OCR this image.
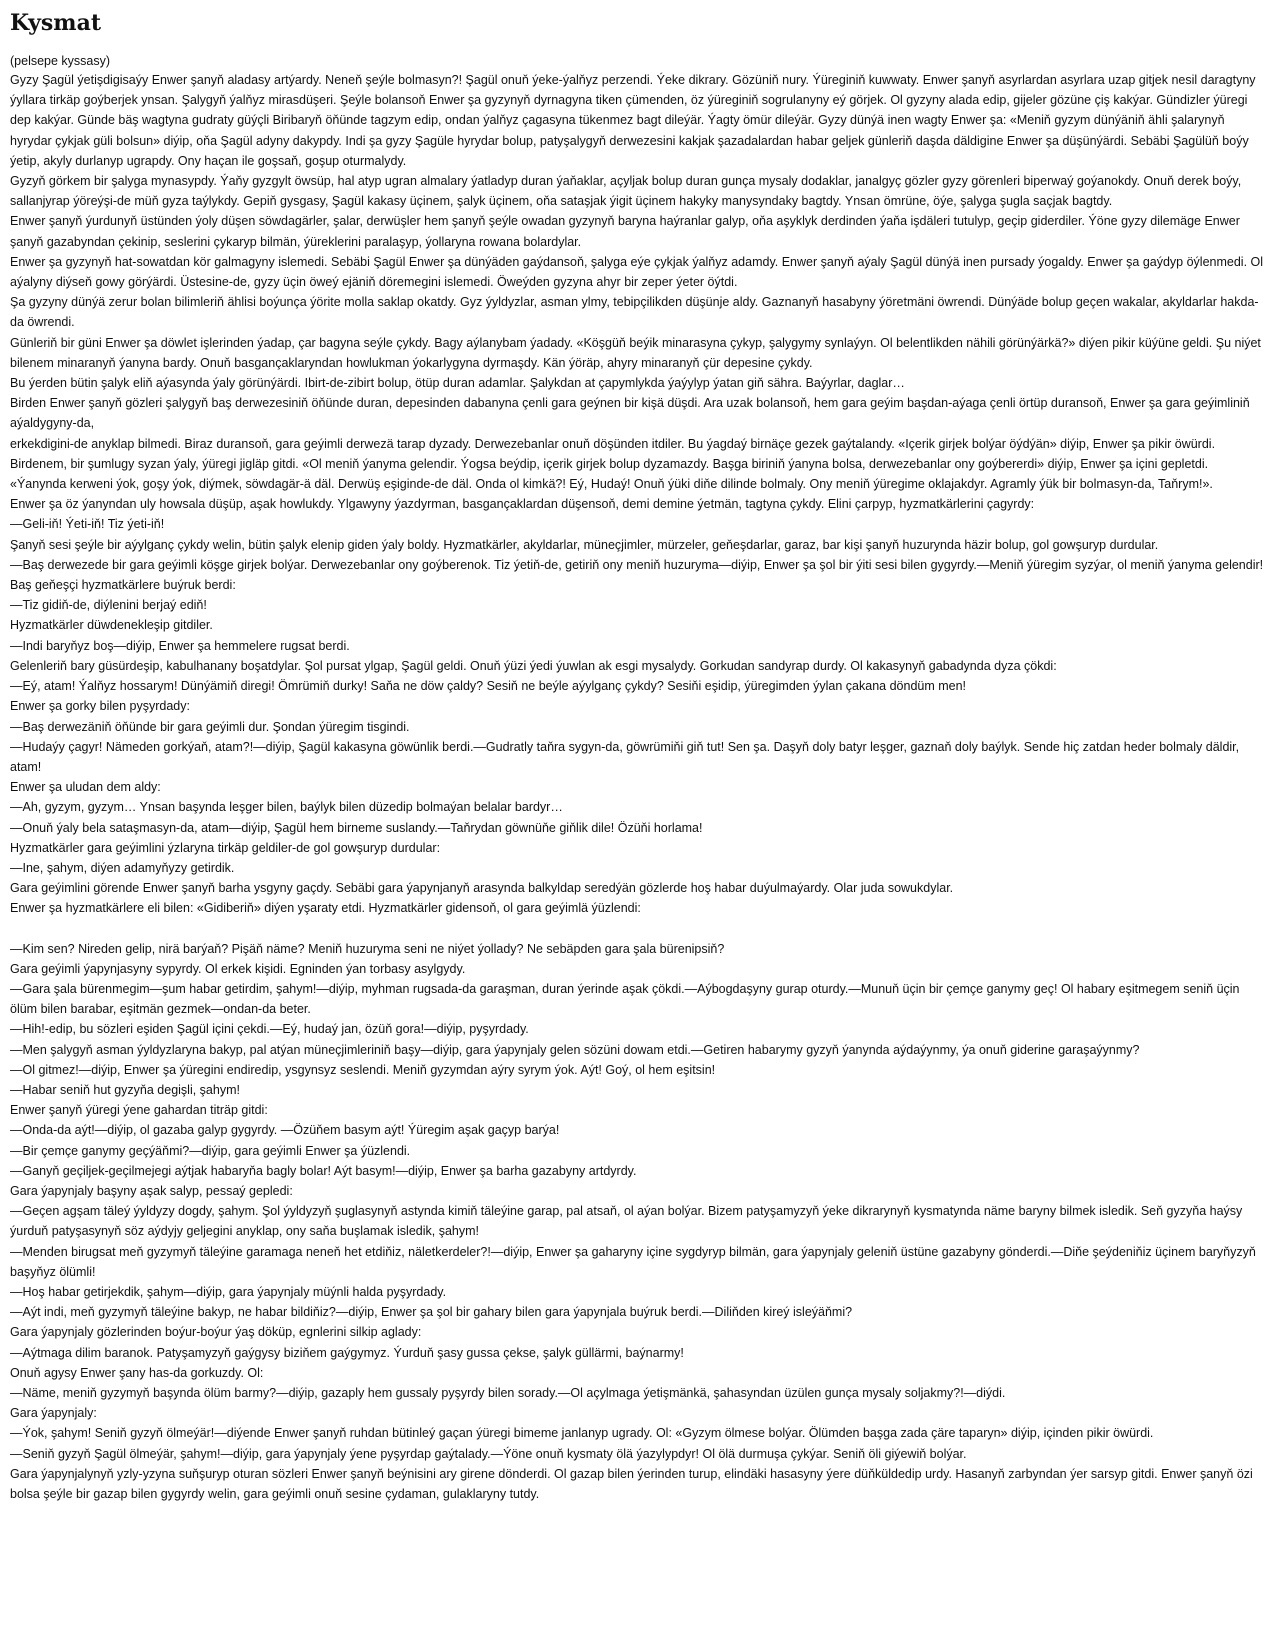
Kysmat

(pelsepe kyssasy)

Gyzy Şagül ýetişdigisaýy Enwer şanyň aladasy artýardy. Neneň şeýle bolmasyn?! Şagül onuň ýeke-ýalňyz perzendi. Ýeke dikrary. Gözüniň nury. Ýüreginiň kuwwaty. Enwer şanyň asyrlardan asyrlara uzap gitjek nesil daragtyny ýyllara tirkäp goýberjek ynsan. Şalygyň ýalňyz mirasdüşeri. Şeýle bolansoň Enwer şa gyzynyň dyrnagyna tiken çümenden, öz ýüreginiň sogrulanyny eý görjek. Ol gyzyny alada edip, gijeler gözüne çiş kakýar. Gündizler ýüregi dep kakýar. Günde bäş wagtyna gudraty güýçli Biribaryň öňünde tagzym edip, ondan ýalňyz çagasyna tükenmez bagt dileýär. Ýagty ömür dileýär. Gyzy dünýä inen wagty Enwer şa: «Meniň gyzym dünýäniň ähli şalarynyň hyrydar çykjak güli bolsun» diýip, oňa Şagül adyny dakypdy. Indi şa gyzy Şagüle hyrydar bolup, patyşalygyň derwezesini kakjak şazadalardan habar geljek günleriň daşda däldigine Enwer şa düşünýärdi. Sebäbi Şagülüň boýy ýetip, akyly durlanyp ugrapdy. Ony haçan ile goşsaň, goşup oturmalydy.

Gyzyň görkem bir şalyga mynasypdy. Ýaňy gyzgylt öwsüp, hal atyp ugran almalary ýatladyp duran ýaňaklar, açyljak bolup duran gunça mysaly dodaklar, janalgyç gözler gyzy görenleri biperwaý goýanokdy. Onuň derek boýy, sallanjyrap ýöreýşi-de müň gyza taýlykdy. Gepiň gysgasy, Şagül kakasy üçinem, şalyk üçinem, oňa sataşjak ýigit üçinem hakyky manysyndaky bagtdy. Ynsan ömrüne, öýe, şalyga şugla saçjak bagtdy.

Enwer şanyň ýurdunyň üstünden ýoly düşen söwdagärler, şalar, derwüşler hem şanyň şeýle owadan gyzynyň baryna haýranlar galyp, oňa aşyklyk derdinden ýaňa işdäleri tutulyp, geçip giderdiler. Ýöne gyzy dilemäge Enwer şanyň gazabyndan çekinip, seslerini çykaryp bilmän, ýüreklerini paralaşyp, ýollaryna rowana bolardylar.

Enwer şa gyzynyň hat-sowatdan kör galmagyny islemedi. Sebäbi Şagül Enwer şa dünýäden gaýdansoň, şalyga eýe çykjak ýalňyz adamdy. Enwer şanyň aýaly Şagül dünýä inen pursady ýogaldy. Enwer şa gaýdyp öýlenmedi. Ol aýalyny diýseň gowy görýärdi. Üstesine-de, gyzy üçin öweý ejäniň döremegini islemedi. Öweýden gyzyna ahyr bir zeper ýeter öýtdi.

Şa gyzyny dünýä zerur bolan bilimleriň ählisi boýunça ýörite molla saklap okatdy. Gyz ýyldyzlar, asman ylmy, tebipçilikden düşünje aldy. Gaznanyň hasabyny ýöretmäni öwrendi. Dünýäde bolup geçen wakalar, akyldarlar hakda-da öwrendi.

Günleriň bir güni Enwer şa döwlet işlerinden ýadap, çar bagyna seýle çykdy. Bagy aýlanybam ýadady. «Köşgüň beýik minarasyna çykyp, şalygymy synlaýyn. Ol belentlikden nähili görünýärkä?» diýen pikir küýüne geldi. Şu niýet bilenem minaranyň ýanyna bardy. Onuň basgançaklaryndan howlukman ýokarlygyna dyrmaşdy. Kän ýöräp, ahyry minaranyň çür depesine çykdy.

Bu ýerden bütin şalyk eliň aýasynda ýaly görünýärdi. Ibirt-de-zibirt bolup, ötüp duran adamlar. Şalykdan at çapymlykda ýaýylyp ýatan giň sähra. Baýyrlar, daglar…

Birden Enwer şanyň gözleri şalygyň baş derwezesiniň öňünde duran, depesinden dabanyna çenli gara geýnen bir kişä düşdi. Ara uzak bolansoň, hem gara geýim başdan-aýaga çenli örtüp duransoň, Enwer şa gara geýimliniň aýaldygyny-da,

erkekdigini-de anyklap bilmedi. Biraz duransoň, gara geýimli derwezä tarap dyzady. Derwezebanlar onuň döşünden itdiler. Bu ýagdaý birnäçe gezek gaýtalandy. «Içerik girjek bolýar öýdýän» diýip, Enwer şa pikir öwürdi. Birdenem, bir şumlugy syzan ýaly, ýüregi jigläp gitdi. «Ol meniň ýanyma gelendir. Ýogsa beýdip, içerik girjek bolup dyzamazdy. Başga biriniň ýanyna bolsa, derwezebanlar ony goýbererdi» diýip, Enwer şa içini gepletdi. «Ýanynda kerweni ýok, goşy ýok, diýmek, söwdagär-ä däl. Derwüş eşiginde-de däl. Onda ol kimkä?! Eý, Hudaý! Onuň ýüki diňe dilinde bolmaly. Ony meniň ýüregime oklajakdyr. Agramly ýük bir bolmasyn-da, Taňrym!».

Enwer şa öz ýanyndan uly howsala düşüp, aşak howlukdy. Ylgawyny ýazdyrman, basgançaklardan düşensoň, demi demine ýetmän, tagtyna çykdy. Elini çarpyp, hyzmatkärlerini çagyrdy:

—Geli-iň! Ýeti-iň! Tiz ýeti-iň!

Şanyň sesi şeýle bir aýylganç çykdy welin, bütin şalyk elenip giden ýaly boldy. Hyzmatkärler, akyldarlar, müneçjimler, mürzeler, geňeşdarlar, garaz, bar kişi şanyň huzurynda häzir bolup, gol gowşuryp durdular.

—Baş derwezede bir gara geýimli köşge girjek bolýar. Derwezebanlar ony goýberenok. Tiz ýetiň-de, getiriň ony meniň huzuryma—diýip, Enwer şa şol bir ýiti sesi bilen gygyrdy.—Meniň ýüregim syzýar, ol meniň ýanyma gelendir!

Baş geňeşçi hyzmatkärlere buýruk berdi:

—Tiz gidiň-de, diýlenini berjaý ediň!

Hyzmatkärler düwdenekleşip gitdiler.

—Indi baryňyz boş—diýip, Enwer şa hemmelere rugsat berdi.

Gelenleriň bary güsürdeşip, kabulhanany boşatdylar. Şol pursat ylgap, Şagül geldi. Onuň ýüzi ýedi ýuwlan ak esgi mysalydy. Gorkudan sandyrap durdy. Ol kakasynyň gabadynda dyza çökdi:

—Eý, atam! Ýalňyz hossarym! Dünýämiň diregi! Ömrümiň durky! Saňa ne döw çaldy? Sesiň ne beýle aýylganç çykdy? Sesiňi eşidip, ýüregimden ýylan çakana döndüm men!

Enwer şa gorky bilen pyşyrdady:

—Baş derwezäniň öňünde bir gara geýimli dur. Şondan ýüregim tisgindi.

—Hudaýy çagyr! Nämeden gorkýaň, atam?!—diýip, Şagül kakasyna göwünlik berdi.—Gudratly taňra sygyn-da, göwrümiňi giň tut! Sen şa. Daşyň doly batyr leşger, gaznaň doly baýlyk. Sende hiç zatdan heder bolmaly däldir, atam!

Enwer şa uludan dem aldy:

—Ah, gyzym, gyzym… Ynsan başynda leşger bilen, baýlyk bilen düzedip bolmaýan belalar bardyr…

—Onuň ýaly bela sataşmasyn-da, atam—diýip, Şagül hem birneme suslandy.—Taňrydan göwnüňe giňlik dile! Özüňi horlama!

Hyzmatkärler gara geýimlini ýzlaryna tirkäp geldiler-de gol gowşuryp durdular:

—Ine, şahym, diýen adamyňyzy getirdik.

Gara geýimlini görende Enwer şanyň barha ysgyny gaçdy. Sebäbi gara ýapynjanyň arasynda balkyldap seredýän gözlerde hoş habar duýulmaýardy. Olar juda sowukdylar.

Enwer şa hyzmatkärlere eli bilen: «Gidiberiň» diýen yşaraty etdi. Hyzmatkärler gidensoň, ol gara geýimlä ýüzlendi:

—Kim sen? Nireden gelip, nirä barýaň? Pişäň näme? Meniň huzuryma seni ne niýet ýollady? Ne sebäpden gara şala bürenipsiň?

Gara geýimli ýapynjasyny sypyrdy. Ol erkek kişidi. Egninden ýan torbasy asylgydy.

—Gara şala bürenmegim—şum habar getirdim, şahym!—diýip, myhman rugsada-da garaşman, duran ýerinde aşak çökdi.—Aýbogdaşyny gurap oturdy.—Munuň üçin bir çemçe ganymy geç! Ol habary eşitmegem seniň üçin ölüm bilen barabar, eşitmän gezmek—ondan-da beter.

—Hih!-edip, bu sözleri eşiden Şagül içini çekdi.—Eý, hudaý jan, özüň gora!—diýip, pyşyrdady.

—Men şalygyň asman ýyldyzlaryna bakyp, pal atýan müneçjimleriniň başy—diýip, gara ýapynjaly gelen sözüni dowam etdi.—Getiren habarymy gyzyň ýanynda aýdaýynmy, ýa onuň giderine garaşaýynmy?

—Ol gitmez!—diýip, Enwer şa ýüregini endiredip, ysgynsyz seslendi. Meniň gyzymdan aýry syrym ýok. Aýt! Goý, ol hem eşitsin!

—Habar seniň hut gyzyňa degişli, şahym!

Enwer şanyň ýüregi ýene gahardan titräp gitdi:

—Onda-da aýt!—diýip, ol gazaba galyp gygyrdy. —Özüňem basym aýt! Ýüregim aşak gaçyp barýa!

—Bir çemçe ganymy geçýäňmi?—diýip, gara geýimli Enwer şa ýüzlendi.

—Ganyň geçiljek-geçilmejegi aýtjak habaryňa bagly bolar! Aýt basym!—diýip, Enwer şa barha gazabyny artdyrdy.

Gara ýapynjaly başyny aşak salyp, pessaý gepledi:

—Geçen agşam täleý ýyldyzy dogdy, şahym. Şol ýyldyzyň şuglasynyň astynda kimiň täleýine garap, pal atsaň, ol aýan bolýar. Bizem patyşamyzyň ýeke dikrarynyň kysmatynda näme baryny bilmek isledik. Seň gyzyňa haýsy ýurduň patyşasynyň söz aýdyjy geljegini anyklap, ony saňa buşlamak isledik, şahym!

—Menden birugsat meň gyzymyň täleýine garamaga neneň het etdiňiz, näletkerdeler?!—diýip, Enwer şa gaharyny içine sygdyryp bilmän, gara ýapynjaly geleniň üstüne gazabyny gönderdi.—Diňe şeýdeniňiz üçinem baryňyzyň başyňyz ölümli!

—Hoş habar getirjekdik, şahym—diýip, gara ýapynjaly müýnli halda pyşyrdady.

—Aýt indi, meň gyzymyň täleýine bakyp, ne habar bildiňiz?—diýip, Enwer şa şol bir gahary bilen gara ýapynjala buýruk berdi.—Diliňden kireý isleýäňmi?

Gara ýapynjaly gözlerinden boýur-boýur ýaş döküp, egnlerini silkip aglady:

—Aýtmaga dilim baranok. Patyşamyzyň gaýgysy biziňem gaýgymyz. Ýurduň şasy gussa çekse, şalyk güllärmi, baýnarmy!

Onuň agysy Enwer şany has-da gorkuzdy. Ol:

—Näme, meniň gyzymyň başynda ölüm barmy?—diýip, gazaply hem gussaly pyşyrdy bilen sorady.—Ol açylmaga ýetişmänkä, şahasyndan üzülen gunça mysaly soljakmy?!—diýdi.

Gara ýapynjaly:

—Ýok, şahym! Seniň gyzyň ölmeýär!—diýende Enwer şanyň ruhdan bütinleý gaçan ýüregi bimeme janlanyp ugrady. Ol: «Gyzym ölmese bolýar. Ölümden başga zada çäre taparyn» diýip, içinden pikir öwürdi.

—Seniň gyzyň Şagül ölmeýär, şahym!—diýip, gara ýapynjaly ýene pyşyrdap gaýtalady.—Ýöne onuň kysmaty ölä ýazylypdyr! Ol ölä durmuşa çykýar. Seniň öli giýewiň bolýar.

Gara ýapynjalynyň yzly-yzyna suňşuryp oturan sözleri Enwer şanyň beýnisini ary girene dönderdi. Ol gazap bilen ýerinden turup, elindäki hasasyny ýere düňküldedip urdy. Hasanyň zarbyndan ýer sarsyp gitdi. Enwer şanyň özi bolsa şeýle bir gazap bilen gygyrdy welin, gara geýimli onuň sesine çydaman, gulaklaryny tutdy.
